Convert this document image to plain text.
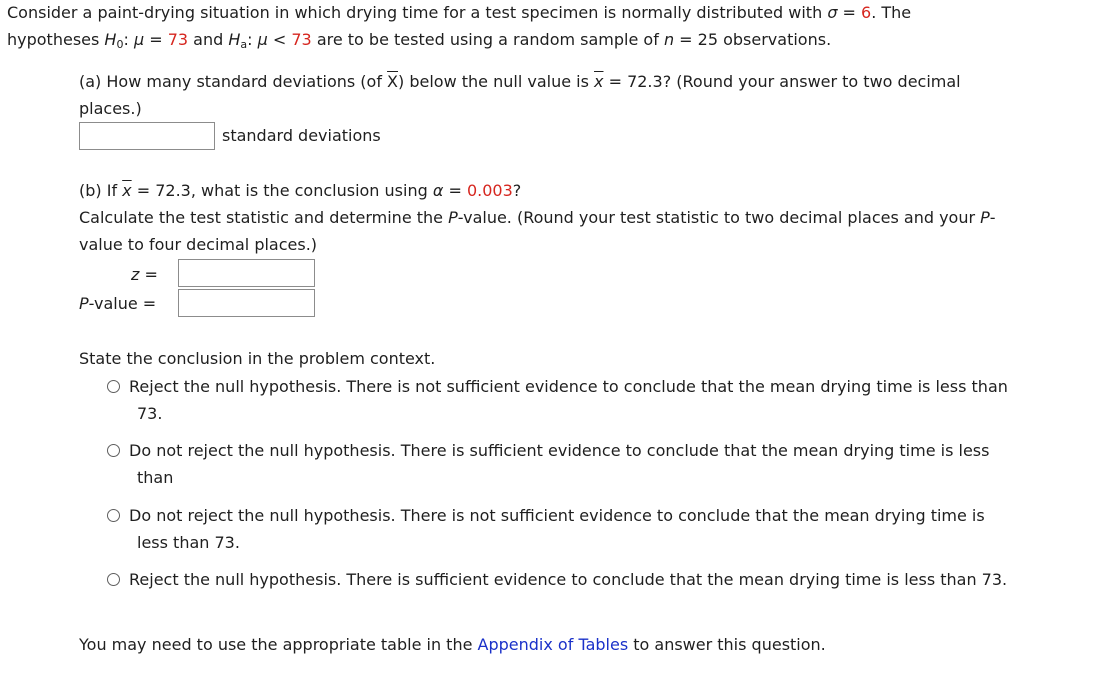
Consider a paint-drying situation in which drying time for a test specimen is normally distributed with σ = 6. The
hypotheses $H_0$: μ = 73 and $H_a$: μ < 73 are to be tested using a random sample of n = 25 observations.
(a) How many standard deviations (of $\overline{X}$) below the null value is $\overline{x} = 72.3$? (Round your answer to two decimal
places.)
standard deviations
(b) If $\overline{x} = 72.3$, what is the conclusion using α = 0.003?
Calculate the test statistic and determine the P-value. (Round your test statistic to two decimal places and your P-
value to four decimal places.)
z =
P-value =
State the conclusion in the problem context.
Reject the null hypothesis. There is not sufficient evidence to conclude that the mean drying time is less than
73.
Do not reject the null hypothesis. There is sufficient evidence to conclude that the mean drying time is less
than
Do not reject the null hypothesis. There is not sufficient evidence to conclude that the mean drying time is
less than 73.
Reject the null hypothesis. There is sufficient evidence to conclude that the mean drying time is less than 73.
You may need to use the appropriate table in the Appendix of Tables to answer this question.
